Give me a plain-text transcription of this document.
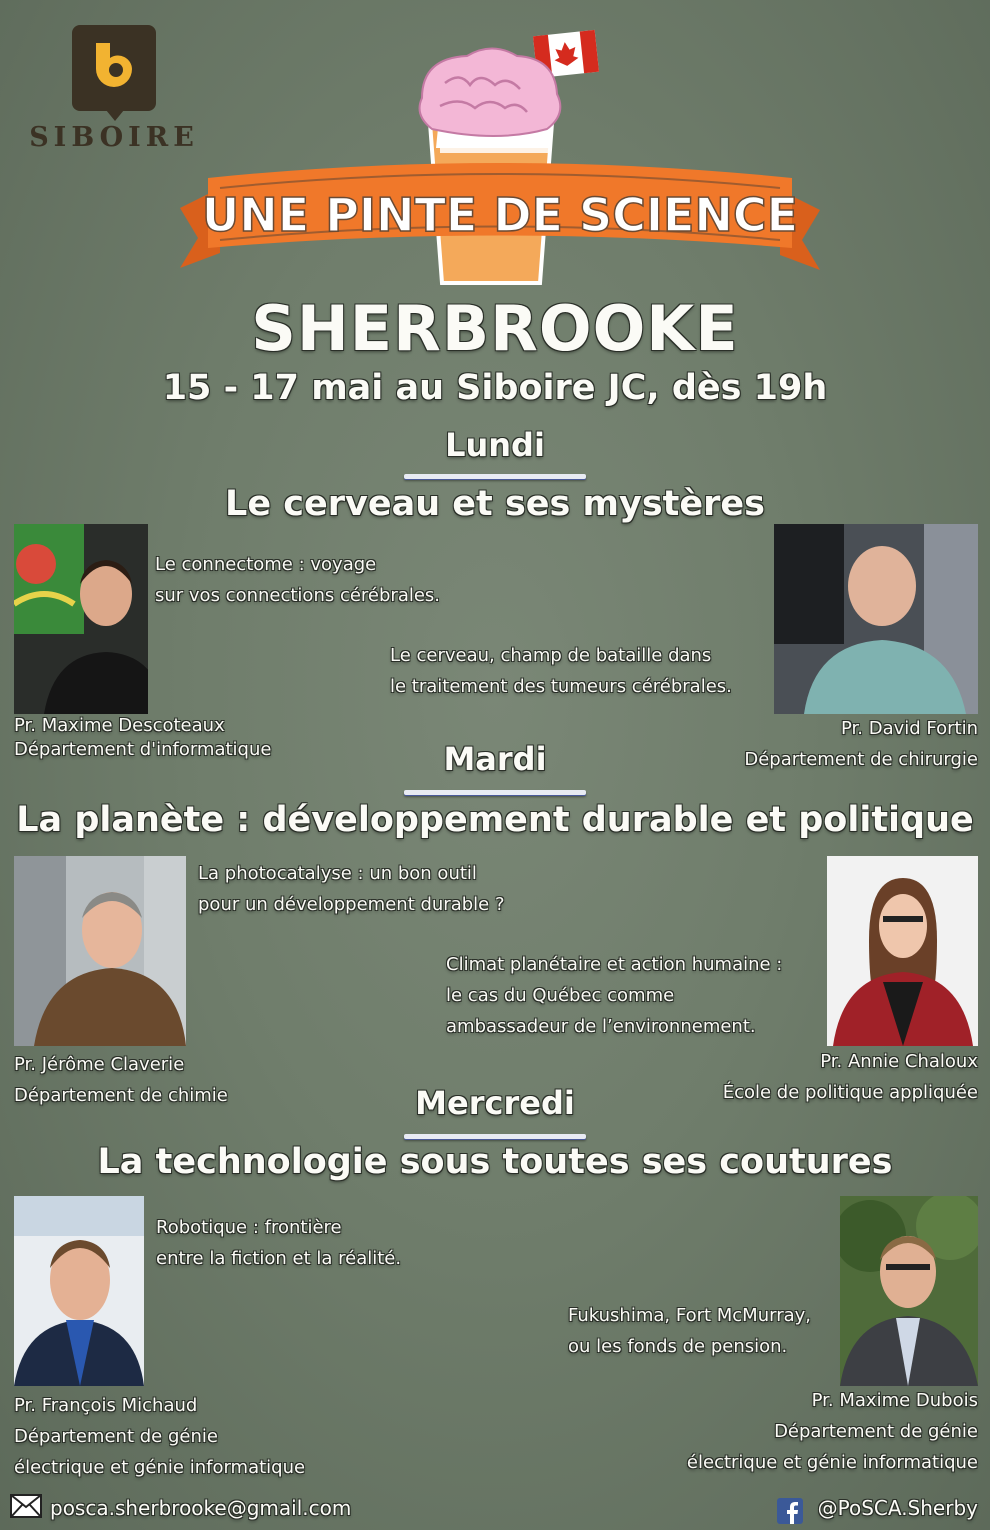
SIBOIRE
UNE PINTE DE SCIENCE
SHERBROOKE
15 - 17 mai au Siboire JC, dès 19h
Lundi
Le cerveau et ses mystères
Le connectome : voyage
sur vos connections cérébrales.
Pr. Maxime Descoteaux
Département d'informatique
Le cerveau, champ de bataille dans
le traitement des tumeurs cérébrales.
Pr. David Fortin
Département de chirurgie
Mardi
La planète : développement durable et politique
La photocatalyse : un bon outil
pour un développement durable ?
Pr. Jérôme Claverie
Département de chimie
Climat planétaire et action humaine :
le cas du Québec comme
ambassadeur de l’environnement.
Pr. Annie Chaloux
École de politique appliquée
Mercredi
La technologie sous toutes ses coutures
Robotique : frontière
entre la fiction et la réalité.
Pr. François Michaud
Département de génie
électrique et génie informatique
Fukushima, Fort McMurray,
ou les fonds de pension.
Pr. Maxime Dubois
Département de génie
électrique et génie informatique
posca.sherbrooke@gmail.com	@PoSCA.Sherby
